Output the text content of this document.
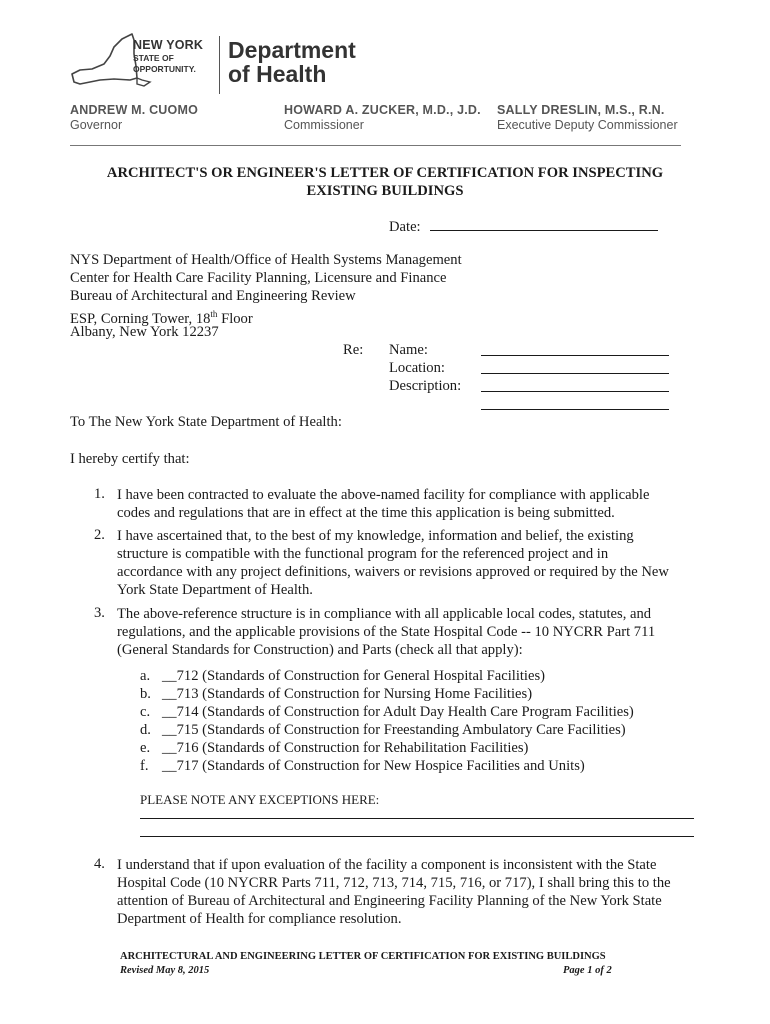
NEW YORK
STATE OF
OPPORTUNITY.
Department
of Health
ANDREW M. CUOMO
Governor
HOWARD A. ZUCKER, M.D., J.D.
Commissioner
SALLY DRESLIN, M.S., R.N.
Executive Deputy Commissioner
ARCHITECT'S OR ENGINEER'S LETTER OF CERTIFICATION FOR INSPECTING
EXISTING BUILDINGS
Date:
NYS Department of Health/Office of Health Systems Management
Center for Health Care Facility Planning, Licensure and Finance
Bureau of Architectural and Engineering Review
ESP, Corning Tower, 18th Floor
Albany, New York 12237
Re: Name:
Location:
Description:
To The New York State Department of Health:
I hereby certify that:
1. I have been contracted to evaluate the above-named facility for compliance with applicable
codes and regulations that are in effect at the time this application is being submitted.
2. I have ascertained that, to the best of my knowledge, information and belief, the existing
structure is compatible with the functional program for the referenced project and in
accordance with any project definitions, waivers or revisions approved or required by the New
York State Department of Health.
3. The above-reference structure is in compliance with all applicable local codes, statutes, and
regulations, and the applicable provisions of the State Hospital Code -- 10 NYCRR Part 711
(General Standards for Construction) and Parts (check all that apply):
a. __712 (Standards of Construction for General Hospital Facilities)
b. __713 (Standards of Construction for Nursing Home Facilities)
c. __714 (Standards of Construction for Adult Day Health Care Program Facilities)
d. __715 (Standards of Construction for Freestanding Ambulatory Care Facilities)
e. __716 (Standards of Construction for Rehabilitation Facilities)
f. __717 (Standards of Construction for New Hospice Facilities and Units)
PLEASE NOTE ANY EXCEPTIONS HERE:
4. I understand that if upon evaluation of the facility a component is inconsistent with the State
Hospital Code (10 NYCRR Parts 711, 712, 713, 714, 715, 716, or 717), I shall bring this to the
attention of Bureau of Architectural and Engineering Facility Planning of the New York State
Department of Health for compliance resolution.
ARCHITECTURAL AND ENGINEERING LETTER OF CERTIFICATION FOR EXISTING BUILDINGS
Revised May 8, 2015	Page 1 of 2
